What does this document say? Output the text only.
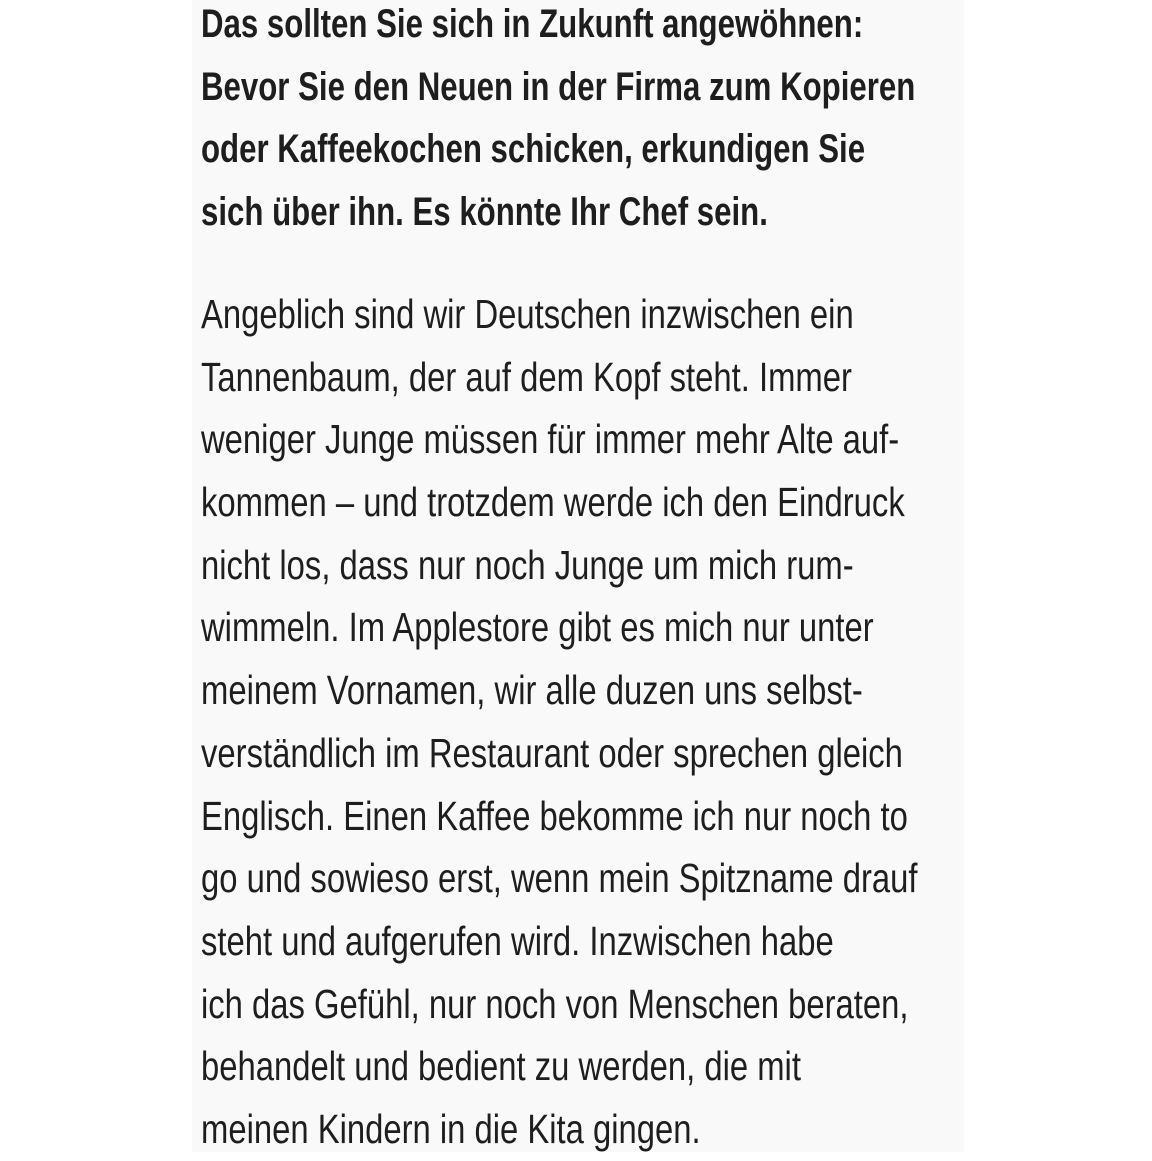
Das sollten Sie sich in Zukunft angewöhnen:
Bevor Sie den Neuen in der Firma zum Kopieren
oder Kaffeekochen schicken, erkundigen Sie
sich über ihn. Es könnte Ihr Chef sein.
Angeblich sind wir Deutschen inzwischen ein
Tannenbaum, der auf dem Kopf steht. Immer
weniger Junge müssen für immer mehr Alte auf-
kommen – und trotzdem werde ich den Eindruck
nicht los, dass nur noch Junge um mich rum-
wimmeln. Im Applestore gibt es mich nur unter
meinem Vornamen, wir alle duzen uns selbst-
verständlich im Restaurant oder sprechen gleich
Englisch. Einen Kaffee bekomme ich nur noch to
go und sowieso erst, wenn mein Spitzname drauf
steht und aufgerufen wird. Inzwischen habe
ich das Gefühl, nur noch von Menschen beraten,
behandelt und bedient zu werden, die mit
meinen Kindern in die Kita gingen.
